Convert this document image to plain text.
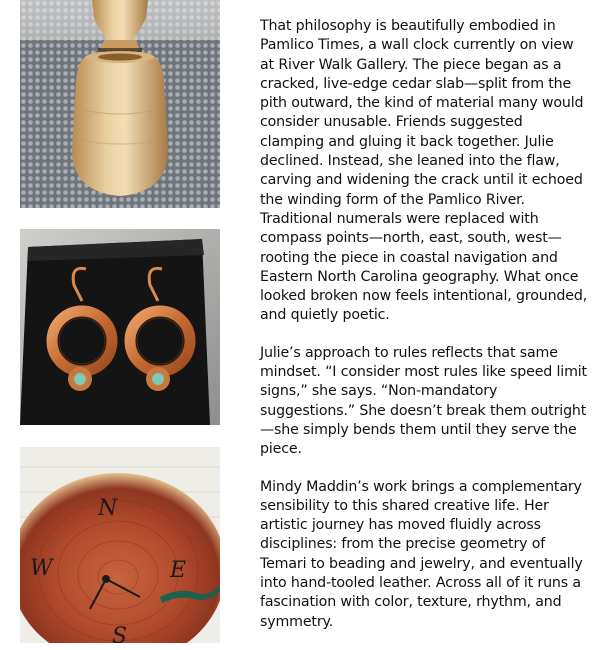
N
W	E
S

That philosophy is beautifully embodied in Pamlico Times, a wall clock currently on view at River Walk Gallery. The piece began as a cracked, live-edge cedar slab—split from the pith outward, the kind of material many would consider unusable. Friends suggested clamping and gluing it back together. Julie declined. Instead, she leaned into the flaw, carving and widening the crack until it echoed the winding form of the Pamlico River. Traditional numerals were replaced with compass points—north, east, south, west—rooting the piece in coastal navigation and Eastern North Carolina geography. What once looked broken now feels intentional, grounded, and quietly poetic.

Julie’s approach to rules reflects that same mindset. “I consider most rules like speed limit signs,” she says. “Non-mandatory suggestions.” She doesn’t break them outright—she simply bends them until they serve the piece.

Mindy Maddin’s work brings a complementary sensibility to this shared creative life. Her artistic journey has moved fluidly across disciplines: from the precise geometry of Temari to beading and jewelry, and eventually into hand-tooled leather. Across all of it runs a fascination with color, texture, rhythm, and symmetry.
